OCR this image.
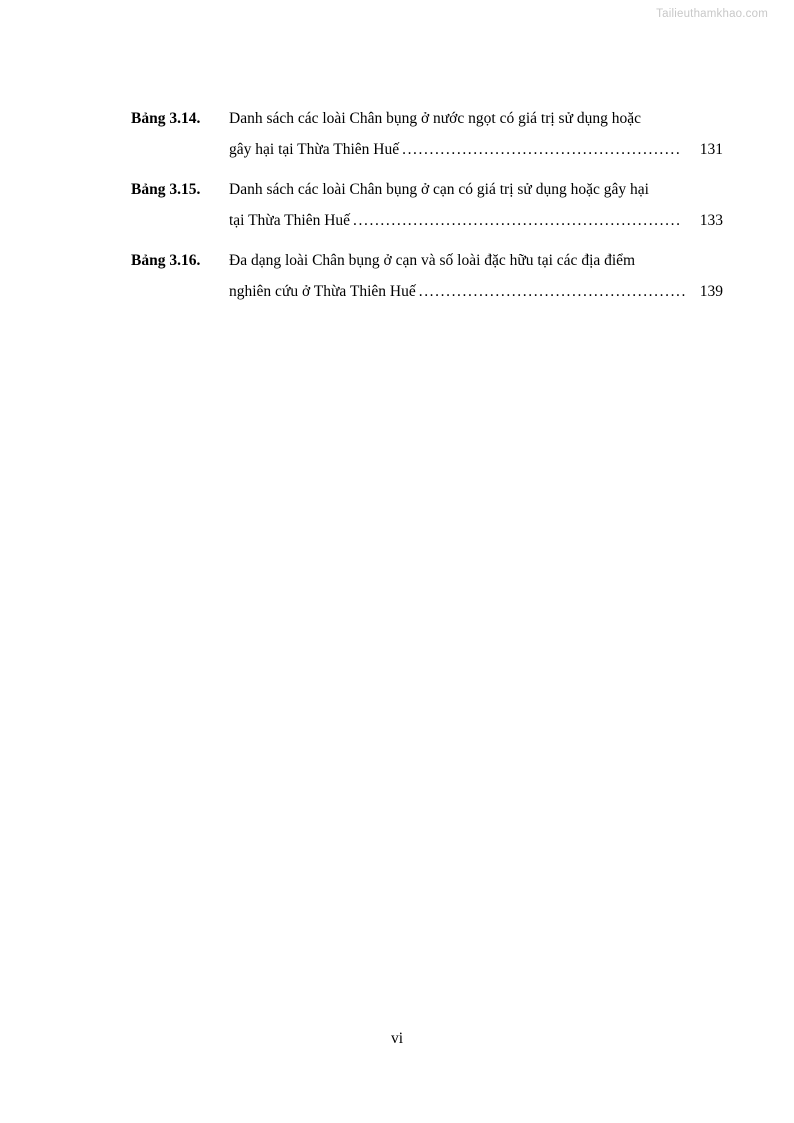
Tailieuthamkhao.com
Bảng 3.14.	Danh sách các loài Chân bụng ở nước ngọt có giá trị sử dụng hoặc
gây hại tại Thừa Thiên Huế ...................................................	131
Bảng 3.15.	Danh sách các loài Chân bụng ở cạn có giá trị sử dụng hoặc gây hại
tại Thừa Thiên Huế ............................................................	133
Bảng 3.16.	Đa dạng loài Chân bụng ở cạn và số loài đặc hữu tại các địa điểm
nghiên cứu ở Thừa Thiên Huế ................................................. 139
vi
